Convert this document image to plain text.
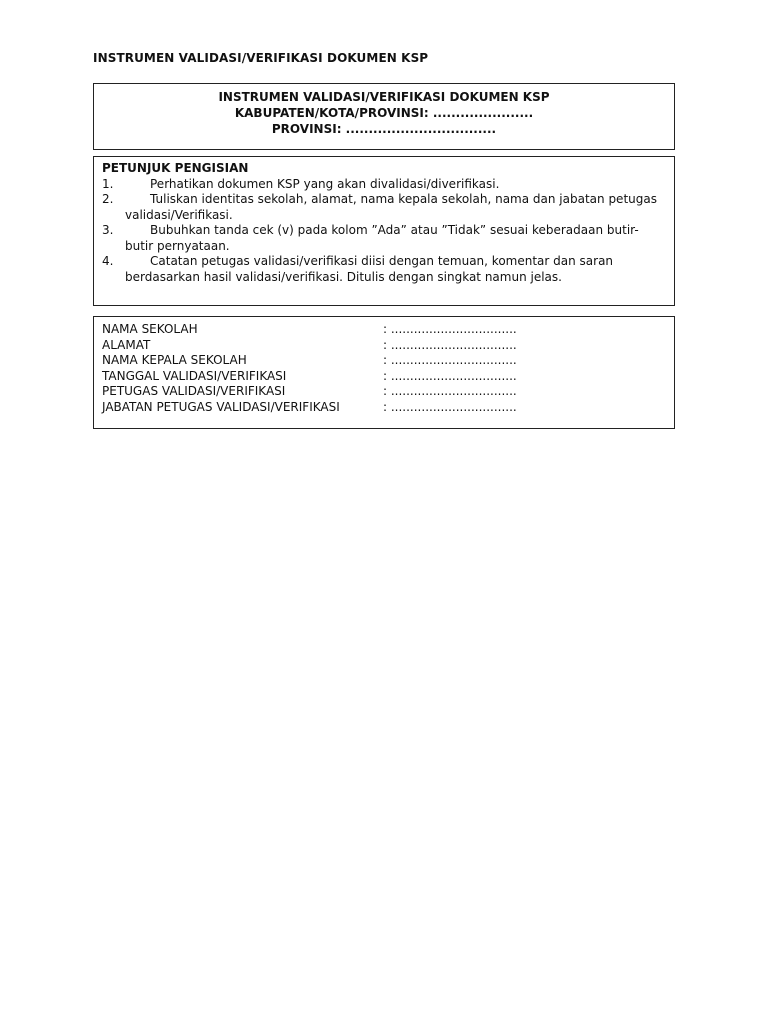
INSTRUMEN VALIDASI/VERIFIKASI DOKUMEN KSP
INSTRUMEN VALIDASI/VERIFIKASI DOKUMEN KSP
KABUPATEN/KOTA/PROVINSI: ......................
PROVINSI: .................................
PETUNJUK PENGISIAN
1.	Perhatikan dokumen KSP yang akan divalidasi/diverifikasi.
2.	Tuliskan identitas sekolah, alamat, nama kepala sekolah, nama dan jabatan petugas validasi/Verifikasi.
3.	Bubuhkan tanda cek (v) pada kolom ”Ada” atau ”Tidak” sesuai keberadaan butir-butir pernyataan.
4.	Catatan petugas validasi/verifikasi diisi dengan temuan, komentar dan saran berdasarkan hasil validasi/verifikasi. Ditulis dengan singkat namun jelas.
NAMA SEKOLAH	: .................................
ALAMAT	: .................................
NAMA KEPALA SEKOLAH	: .................................
TANGGAL VALIDASI/VERIFIKASI	: .................................
PETUGAS VALIDASI/VERIFIKASI	: .................................
JABATAN PETUGAS VALIDASI/VERIFIKASI	: .................................
